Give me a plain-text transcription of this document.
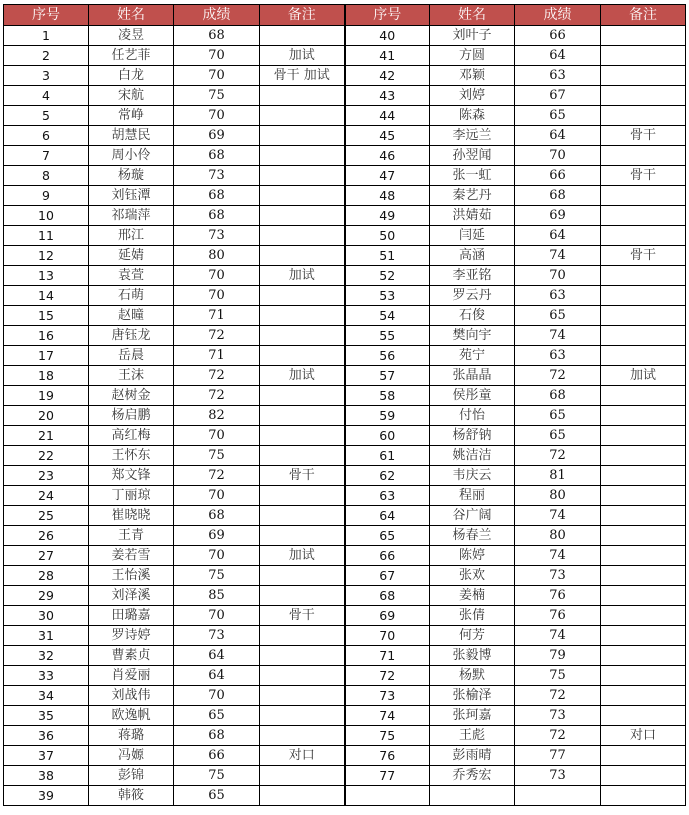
序号	姓名	成绩	备注	序号	姓名	成绩	备注
1	凌昱	68		40	刘叶子	66	
2	任艺菲	70	加试	41	方圆	64	
3	白龙	70	骨干 加试	42	邓颖	63	
4	宋航	75		43	刘婷	67	
5	常峥	70		44	陈森	65	
6	胡慧民	69		45	李远兰	64	骨干
7	周小伶	68		46	孙翌闻	70	
8	杨璇	73		47	张一虹	66	骨干
9	刘钰潭	68		48	秦艺丹	68	
10	祁瑞萍	68		49	洪婧茹	69	
11	邢江	73		50	闫延	64	
12	延婧	80		51	高涵	74	骨干
13	袁萱	70	加试	52	李亚铭	70	
14	石萌	70		53	罗云丹	63	
15	赵曈	71		54	石俊	65	
16	唐钰龙	72		55	樊向宇	74	
17	岳晨	71		56	苑宁	63	
18	王沫	72	加试	57	张晶晶	72	加试
19	赵树金	72		58	侯彤童	68	
20	杨启鹏	82		59	付怡	65	
21	高红梅	70		60	杨舒钠	65	
22	王怀东	75		61	姚洁洁	72	
23	郑文锋	72	骨干	62	韦庆云	81	
24	丁丽琼	70		63	程丽	80	
25	崔晓晓	68		64	谷广阔	74	
26	王青	69		65	杨春兰	80	
27	姜若雪	70	加试	66	陈婷	74	
28	王怡溪	75		67	张欢	73	
29	刘泽溪	85		68	姜楠	76	
30	田璐嘉	70	骨干	69	张倩	76	
31	罗诗婷	73		70	何芳	74	
32	曹素贞	64		71	张毅博	79	
33	肖爱丽	64		72	杨默	75	
34	刘战伟	70		73	张榆泽	72	
35	欧逸帆	65		74	张珂嘉	73	
36	蒋璐	68		75	王彪	72	对口
37	冯嫄	66	对口	76	彭雨晴	77	
38	彭锦	75		77	乔秀宏	73	
39	韩筱	65					
